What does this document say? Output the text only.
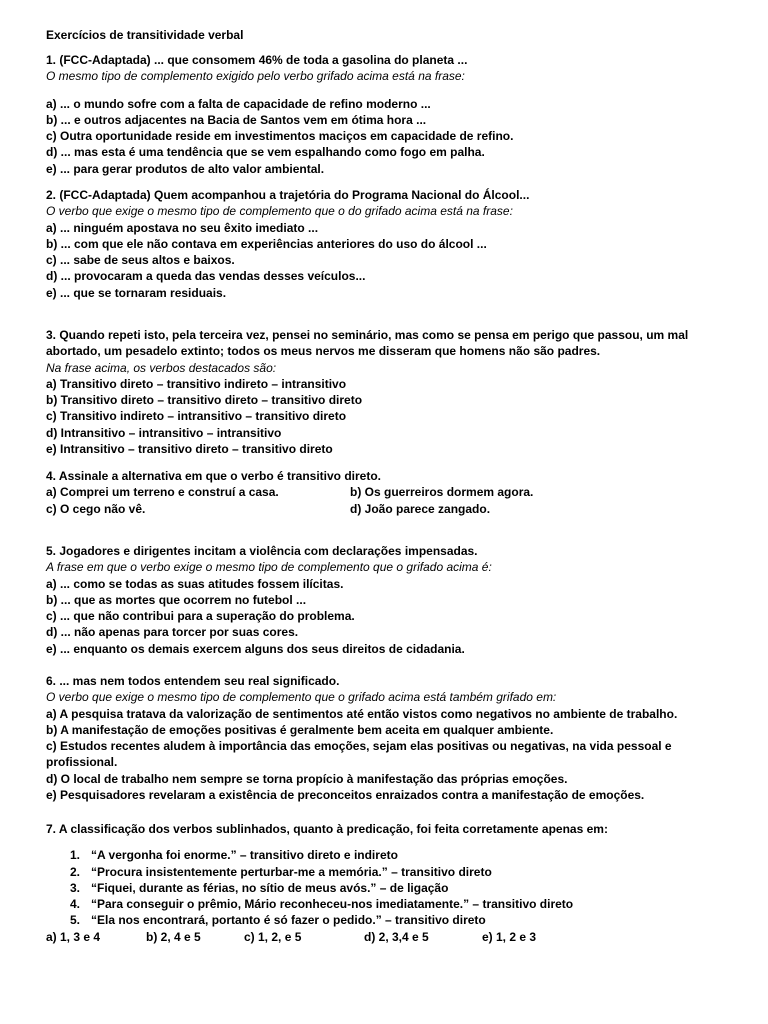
Exercícios de transitividade verbal
1. (FCC-Adaptada) ... que consomem 46% de toda a gasolina do planeta ...
O mesmo tipo de complemento exigido pelo verbo grifado acima está na frase:
a) ... o mundo sofre com a falta de capacidade de refino moderno ...
b) ... e outros adjacentes na Bacia de Santos vem em ótima hora ...
c) Outra oportunidade reside em investimentos maciços em capacidade de refino.
d) ... mas esta é uma tendência que se vem espalhando como fogo em palha.
e) ... para gerar produtos de alto valor ambiental.
2. (FCC-Adaptada) Quem acompanhou a trajetória do Programa Nacional do Álcool...
O verbo que exige o mesmo tipo de complemento que o do grifado acima está na frase:
a) ... ninguém apostava no seu êxito imediato ...
b) ... com que ele não contava em experiências anteriores do uso do álcool ...
c) ... sabe de seus altos e baixos.
d) ... provocaram a queda das vendas desses veículos...
e) ... que se tornaram residuais.
3. Quando repeti isto, pela terceira vez, pensei no seminário, mas como se pensa em perigo que passou, um mal
abortado, um pesadelo extinto; todos os meus nervos me disseram que homens não são padres.
Na frase acima, os verbos destacados são:
a) Transitivo direto – transitivo indireto – intransitivo
b) Transitivo direto – transitivo direto – transitivo direto
c) Transitivo indireto – intransitivo – transitivo direto
d) Intransitivo – intransitivo – intransitivo
e) Intransitivo – transitivo direto – transitivo direto
4. Assinale a alternativa em que o verbo é transitivo direto.
a) Comprei um terreno e construí a casa.	b) Os guerreiros dormem agora.
c) O cego não vê.	d) João parece zangado.
5. Jogadores e dirigentes incitam a violência com declarações impensadas.
A frase em que o verbo exige o mesmo tipo de complemento que o grifado acima é:
a) ... como se todas as suas atitudes fossem ilícitas.
b) ... que as mortes que ocorrem no futebol ...
c) ... que não contribui para a superação do problema.
d) ... não apenas para torcer por suas cores.
e) ... enquanto os demais exercem alguns dos seus direitos de cidadania.
6. ... mas nem todos entendem seu real significado.
O verbo que exige o mesmo tipo de complemento que o grifado acima está também grifado em:
a) A pesquisa tratava da valorização de sentimentos até então vistos como negativos no ambiente de trabalho.
b) A manifestação de emoções positivas é geralmente bem aceita em qualquer ambiente.
c) Estudos recentes aludem à importância das emoções, sejam elas positivas ou negativas, na vida pessoal e
profissional.
d) O local de trabalho nem sempre se torna propício à manifestação das próprias emoções.
e) Pesquisadores revelaram a existência de preconceitos enraizados contra a manifestação de emoções.
7. A classificação dos verbos sublinhados, quanto à predicação, foi feita corretamente apenas em:
1. “A vergonha foi enorme.” – transitivo direto e indireto
2. “Procura insistentemente perturbar-me a memória.” – transitivo direto
3. “Fiquei, durante as férias, no sítio de meus avós.” – de ligação
4. “Para conseguir o prêmio, Mário reconheceu-nos imediatamente.” – transitivo direto
5. “Ela nos encontrará, portanto é só fazer o pedido.” – transitivo direto
a) 1, 3 e 4	b) 2, 4 e 5	c) 1, 2, e 5	d) 2, 3,4 e 5	e) 1, 2 e 3
